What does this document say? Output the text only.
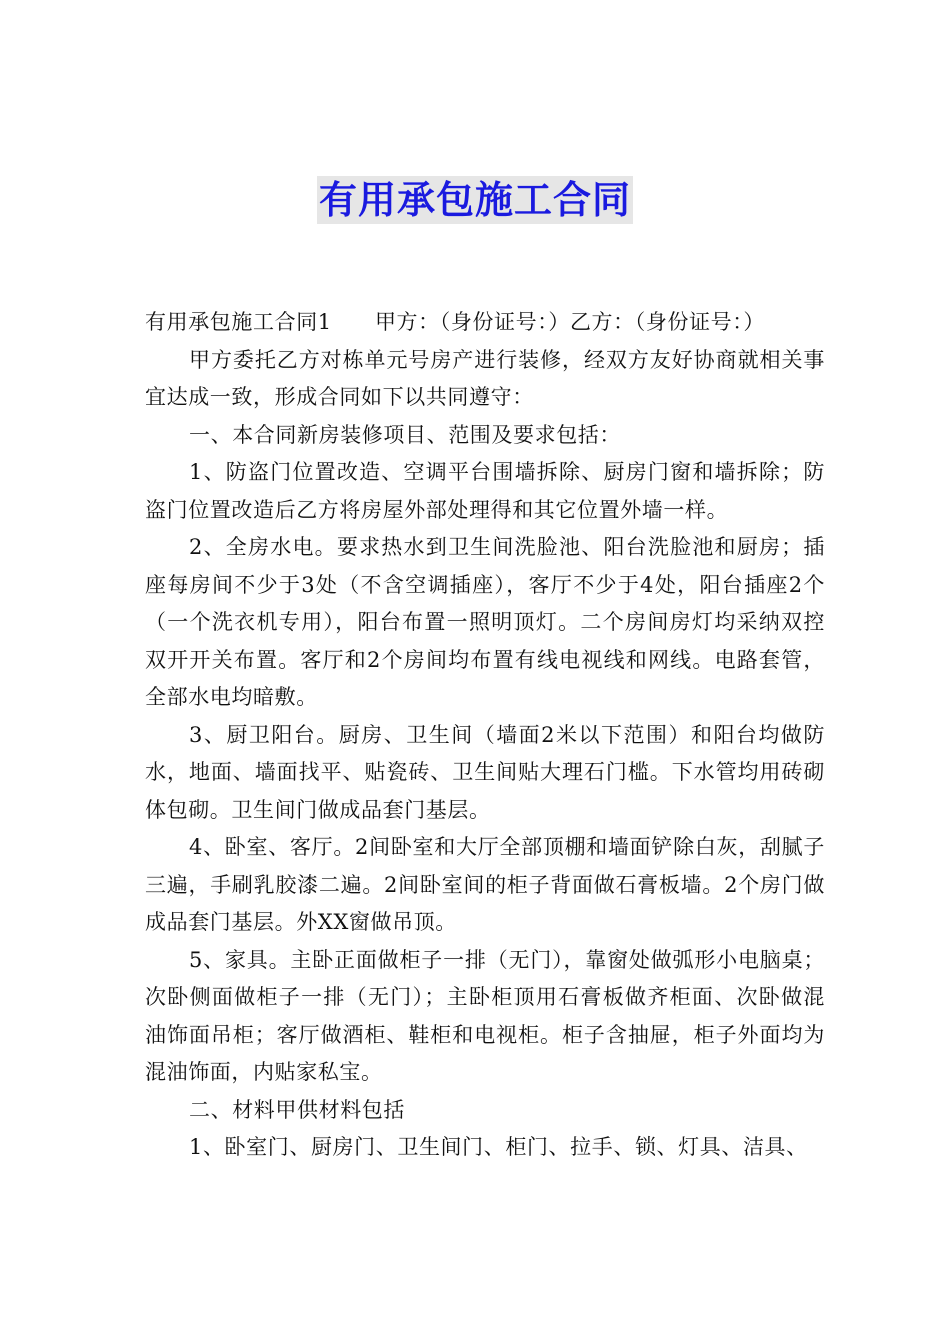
有用承包施工合同

有用承包施工合同1　　甲方：（身份证号：）乙方：（身份证号：）

甲方委托乙方对栋单元号房产进行装修，经双方友好协商就相关事宜达成一致，形成合同如下以共同遵守：

一、本合同新房装修项目、范围及要求包括：

1、防盗门位置改造、空调平台围墙拆除、厨房门窗和墙拆除；防盗门位置改造后乙方将房屋外部处理得和其它位置外墙一样。

2、全房水电。要求热水到卫生间洗脸池、阳台洗脸池和厨房；插座每房间不少于3处（不含空调插座），客厅不少于4处，阳台插座2个（一个洗衣机专用），阳台布置一照明顶灯。二个房间房灯均采纳双控双开开关布置。客厅和2个房间均布置有线电视线和网线。电路套管，全部水电均暗敷。

3、厨卫阳台。厨房、卫生间（墙面2米以下范围）和阳台均做防水，地面、墙面找平、贴瓷砖、卫生间贴大理石门槛。下水管均用砖砌体包砌。卫生间门做成品套门基层。

4、卧室、客厅。2间卧室和大厅全部顶棚和墙面铲除白灰，刮腻子三遍，手刷乳胶漆二遍。2间卧室间的柜子背面做石膏板墙。2个房门做成品套门基层。外XX窗做吊顶。

5、家具。主卧正面做柜子一排（无门），靠窗处做弧形小电脑桌；次卧侧面做柜子一排（无门）；主卧柜顶用石膏板做齐柜面、次卧做混油饰面吊柜；客厅做酒柜、鞋柜和电视柜。柜子含抽屉，柜子外面均为混油饰面，内贴家私宝。

二、材料甲供材料包括

1、卧室门、厨房门、卫生间门、柜门、拉手、锁、灯具、洁具、
